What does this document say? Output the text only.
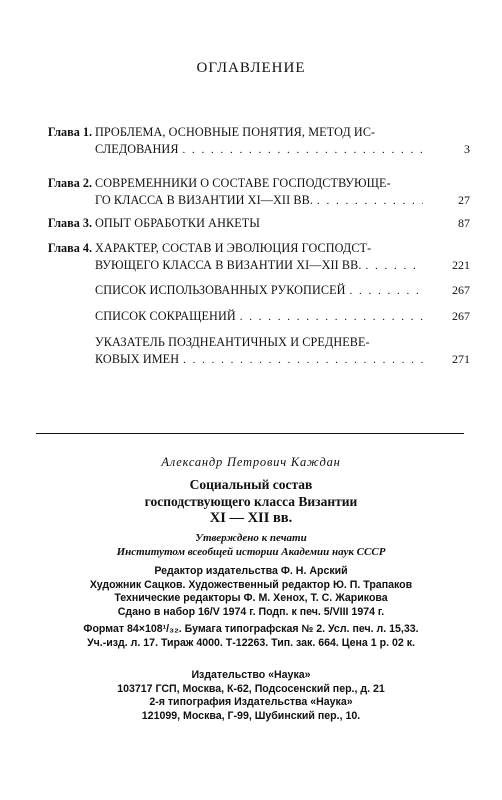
ОГЛАВЛЕНИЕ
Глава 1. ПРОБЛЕМА, ОСНОВНЫЕ ПОНЯТИЯ, МЕТОД ИС-
СЛЕДОВАНИЯ . . .	3
Глава 2. СОВРЕМЕННИКИ О СОСТАВЕ ГОСПОДСТВУЮЩЕ-
ГО КЛАССА В ВИЗАНТИИ XI—XII ВВ. . . .	27
Глава 3. ОПЫТ ОБРАБОТКИ АНКЕТЫ	87
Глава 4. ХАРАКТЕР, СОСТАВ И ЭВОЛЮЦИЯ ГОСПОДСТ-
ВУЮЩЕГО КЛАССА В ВИЗАНТИИ XI—XII ВВ. . . .	221
СПИСОК ИСПОЛЬЗОВАННЫХ РУКОПИСЕЙ . . .	267
СПИСОК СОКРАЩЕНИЙ . . .	267
УКАЗАТЕЛЬ ПОЗДНЕАНТИЧНЫХ И СРЕДНЕВЕ-
КОВЫХ ИМЕН . . .	271
Александр Петрович Каждан
Социальный состав
господствующего класса Византии
XI — XII вв.
Утверждено к печати
Институтом всеобщей истории Академии наук СССР
Редактор издательства Ф. Н. Арский
Художник Сацков. Художественный редактор Ю. П. Трапаков
Технические редакторы Ф. М. Хенох, Т. С. Жарикова
Сдано в набор 16/V 1974 г. Подп. к печ. 5/VIII 1974 г.
Формат 84×108¹/₃₂. Бумага типографская № 2. Усл. печ. л. 15,33.
Уч.-изд. л. 17. Тираж 4000. Т-12263. Тип. зак. 664. Цена 1 р. 02 к.
Издательство «Наука»
103717 ГСП, Москва, К-62, Подсосенский пер., д. 21
2-я типография Издательства «Наука»
121099, Москва, Г-99, Шубинский пер., 10.
